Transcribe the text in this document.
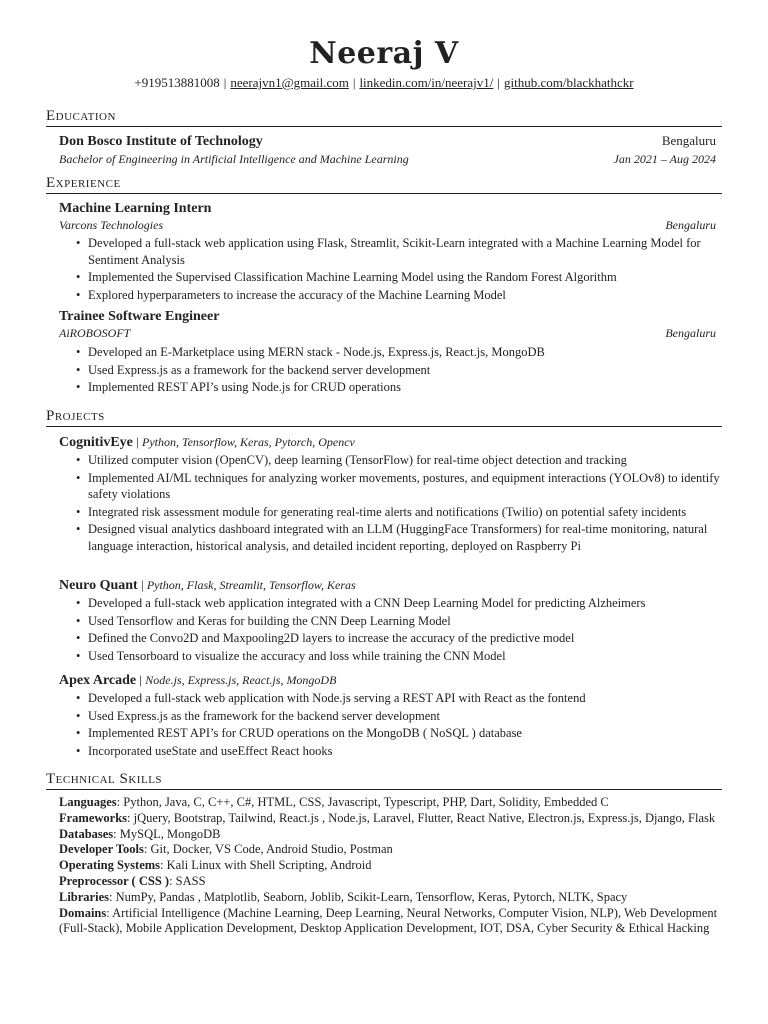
Neeraj V
+919513881008 | neerajvn1@gmail.com | linkedin.com/in/neerajv1/ | github.com/blackhathckr
Education
Don Bosco Institute of Technology	Bengaluru
Bachelor of Engineering in Artificial Intelligence and Machine Learning	Jan 2021 – Aug 2024
Experience
Machine Learning Intern
Varcons Technologies	Bengaluru
• Developed a full-stack web application using Flask, Streamlit, Scikit-Learn integrated with a Machine Learning Model for Sentiment Analysis
• Implemented the Supervised Classification Machine Learning Model using the Random Forest Algorithm
• Explored hyperparameters to increase the accuracy of the Machine Learning Model
Trainee Software Engineer
AiROBOSOFT	Bengaluru
• Developed an E-Marketplace using MERN stack - Node.js, Express.js, React.js, MongoDB
• Used Express.js as a framework for the backend server development
• Implemented REST API’s using Node.js for CRUD operations
Projects
CognitivEye | Python, Tensorflow, Keras, Pytorch, Opencv
• Utilized computer vision (OpenCV), deep learning (TensorFlow) for real-time object detection and tracking
• Implemented AI/ML techniques for analyzing worker movements, postures, and equipment interactions (YOLOv8) to identify safety violations
• Integrated risk assessment module for generating real-time alerts and notifications (Twilio) on potential safety incidents
• Designed visual analytics dashboard integrated with an LLM (HuggingFace Transformers) for real-time monitoring, natural language interaction, historical analysis, and detailed incident reporting, deployed on Raspberry Pi
Neuro Quant | Python, Flask, Streamlit, Tensorflow, Keras
• Developed a full-stack web application integrated with a CNN Deep Learning Model for predicting Alzheimers
• Used Tensorflow and Keras for building the CNN Deep Learning Model
• Defined the Convo2D and Maxpooling2D layers to increase the accuracy of the predictive model
• Used Tensorboard to visualize the accuracy and loss while training the CNN Model
Apex Arcade | Node.js, Express.js, React.js, MongoDB
• Developed a full-stack web application with Node.js serving a REST API with React as the fontend
• Used Express.js as the framework for the backend server development
• Implemented REST API’s for CRUD operations on the MongoDB ( NoSQL ) database
• Incorporated useState and useEffect React hooks
Technical Skills
Languages: Python, Java, C, C++, C#, HTML, CSS, Javascript, Typescript, PHP, Dart, Solidity, Embedded C
Frameworks: jQuery, Bootstrap, Tailwind, React.js , Node.js, Laravel, Flutter, React Native, Electron.js, Express.js, Django, Flask
Databases: MySQL, MongoDB
Developer Tools: Git, Docker, VS Code, Android Studio, Postman
Operating Systems: Kali Linux with Shell Scripting, Android
Preprocessor ( CSS ): SASS
Libraries: NumPy, Pandas , Matplotlib, Seaborn, Joblib, Scikit-Learn, Tensorflow, Keras, Pytorch, NLTK, Spacy
Domains: Artificial Intelligence (Machine Learning, Deep Learning, Neural Networks, Computer Vision, NLP), Web Development (Full-Stack), Mobile Application Development, Desktop Application Development, IOT, DSA, Cyber Security & Ethical Hacking
